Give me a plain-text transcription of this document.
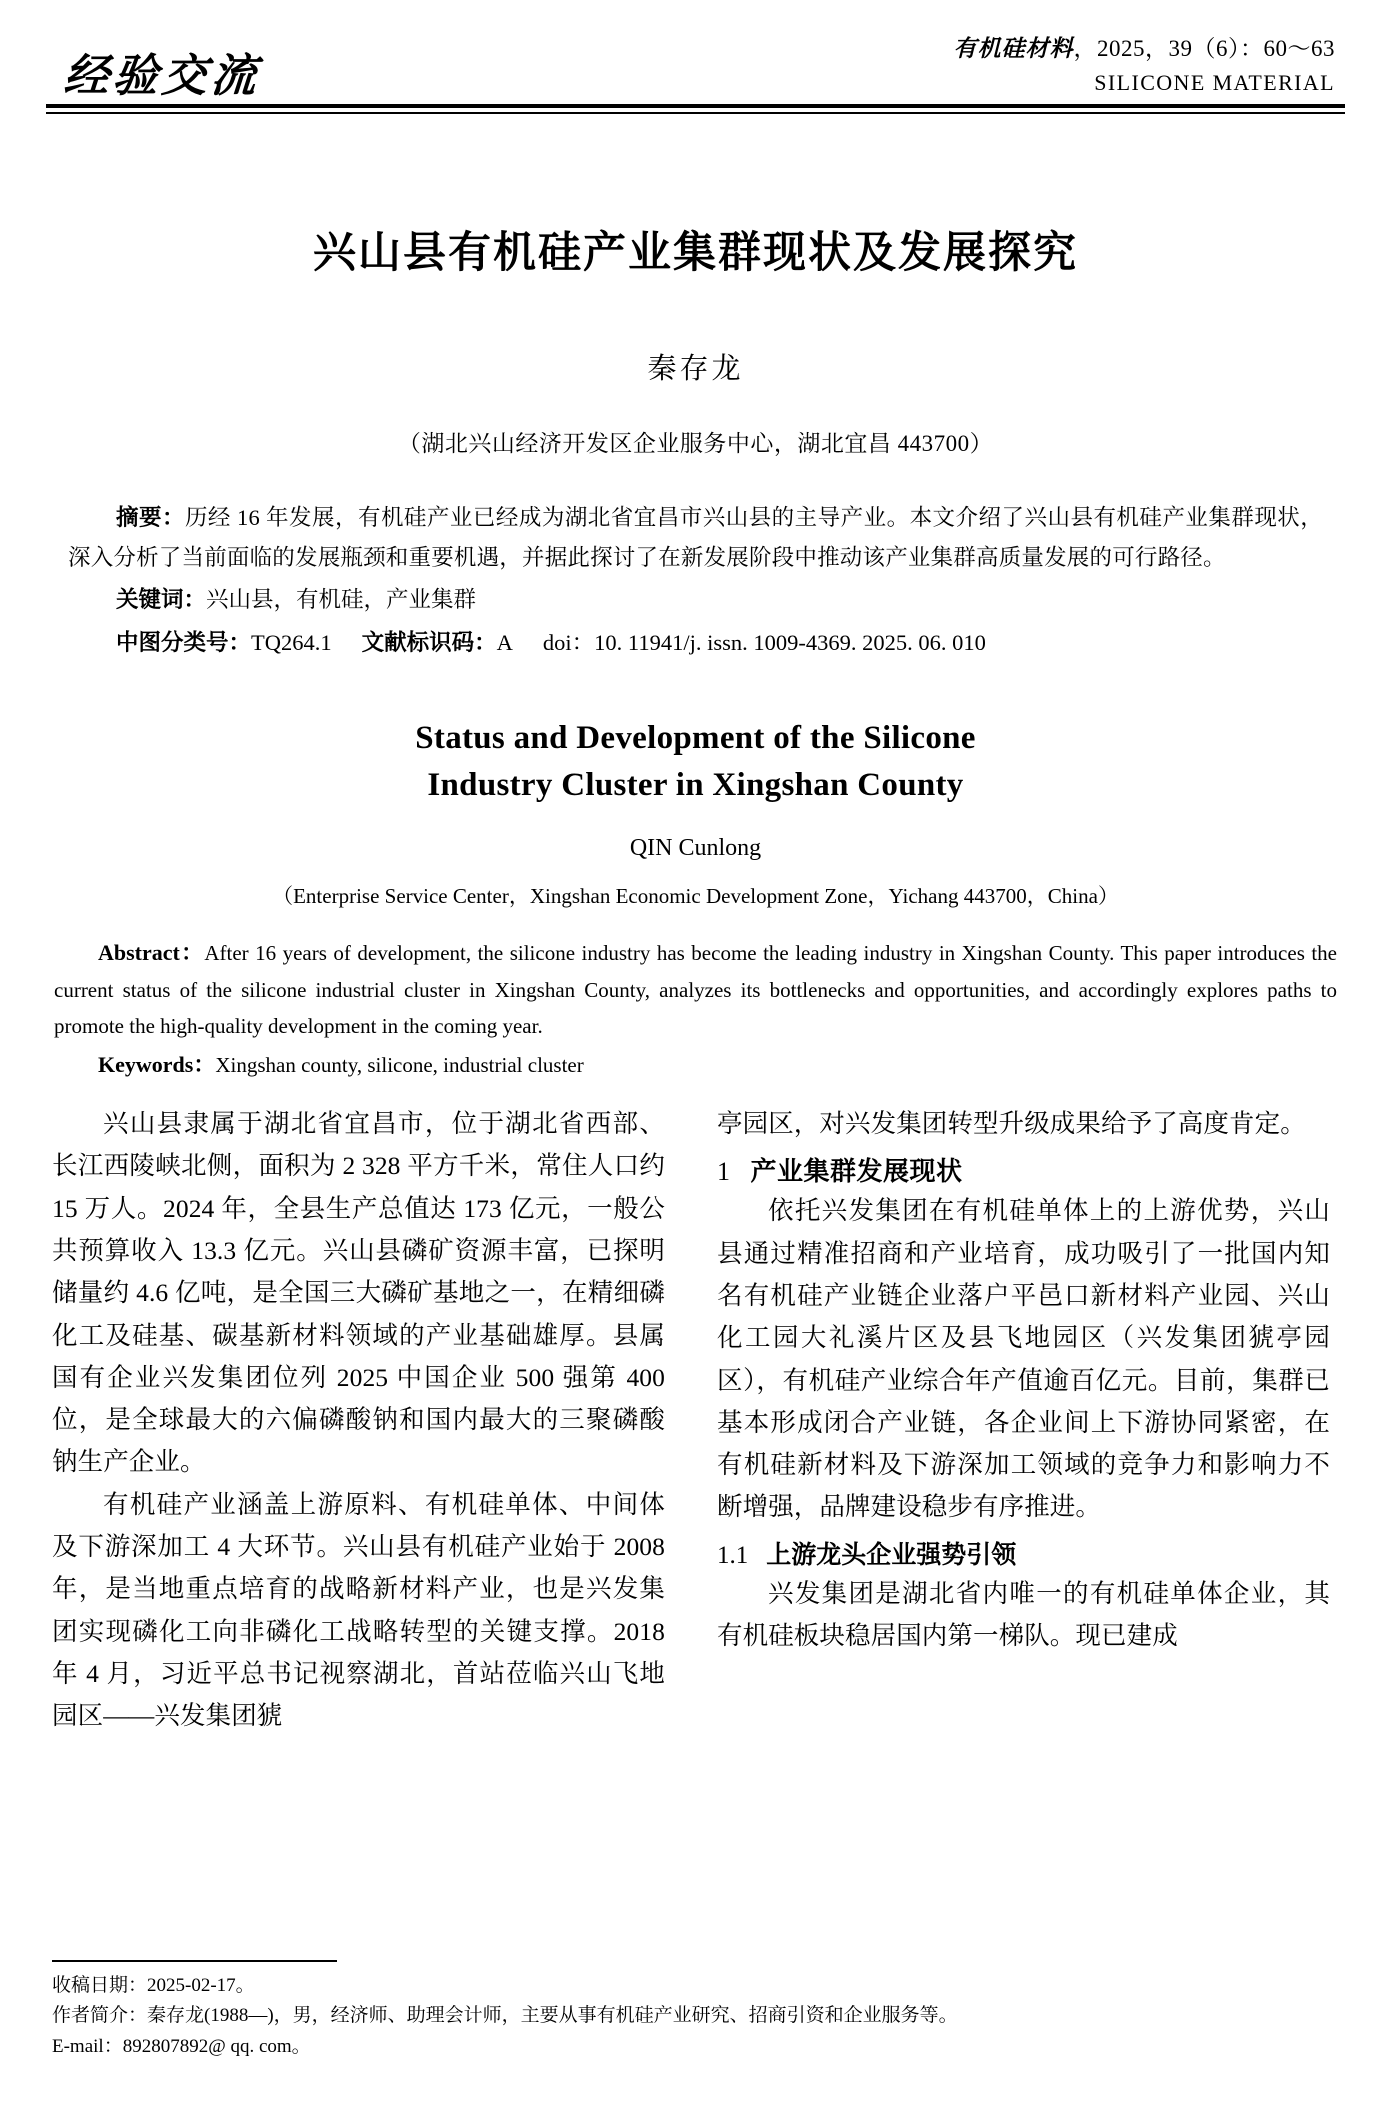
经验交流
有机硅材料，2025，39（6）：60～63
SILICONE MATERIAL
兴山县有机硅产业集群现状及发展探究
秦存龙
（湖北兴山经济开发区企业服务中心，湖北宜昌 443700）
摘要：历经 16 年发展，有机硅产业已经成为湖北省宜昌市兴山县的主导产业。本文介绍了兴山县有机硅产业集群现状，深入分析了当前面临的发展瓶颈和重要机遇，并据此探讨了在新发展阶段中推动该产业集群高质量发展的可行路径。
关键词：兴山县，有机硅，产业集群
中图分类号：TQ264.1 文献标识码：A doi：10. 11941/j. issn. 1009-4369. 2025. 06. 010
Status and Development of the Silicone
Industry Cluster in Xingshan County
QIN Cunlong
（Enterprise Service Center，Xingshan Economic Development Zone，Yichang 443700，China）
Abstract：After 16 years of development, the silicone industry has become the leading industry in Xingshan County. This paper introduces the current status of the silicone industrial cluster in Xingshan County, analyzes its bottlenecks and opportunities, and accordingly explores paths to promote the high-quality development in the coming year.
Keywords：Xingshan county, silicone, industrial cluster

兴山县隶属于湖北省宜昌市，位于湖北省西部、长江西陵峡北侧，面积为 2 328 平方千米，常住人口约 15 万人。2024 年，全县生产总值达 173 亿元，一般公共预算收入 13.3 亿元。兴山县磷矿资源丰富，已探明储量约 4.6 亿吨，是全国三大磷矿基地之一，在精细磷化工及硅基、碳基新材料领域的产业基础雄厚。县属国有企业兴发集团位列 2025 中国企业 500 强第 400 位，是全球最大的六偏磷酸钠和国内最大的三聚磷酸钠生产企业。

有机硅产业涵盖上游原料、有机硅单体、中间体及下游深加工 4 大环节。兴山县有机硅产业始于 2008 年，是当地重点培育的战略新材料产业，也是兴发集团实现磷化工向非磷化工战略转型的关键支撑。2018 年 4 月，习近平总书记视察湖北，首站莅临兴山飞地园区——兴发集团猇

亭园区，对兴发集团转型升级成果给予了高度肯定。

1 产业集群发展现状

依托兴发集团在有机硅单体上的上游优势，兴山县通过精准招商和产业培育，成功吸引了一批国内知名有机硅产业链企业落户平邑口新材料产业园、兴山化工园大礼溪片区及县飞地园区（兴发集团猇亭园区），有机硅产业综合年产值逾百亿元。目前，集群已基本形成闭合产业链，各企业间上下游协同紧密，在有机硅新材料及下游深加工领域的竞争力和影响力不断增强，品牌建设稳步有序推进。

1.1 上游龙头企业强势引领

兴发集团是湖北省内唯一的有机硅单体企业，其有机硅板块稳居国内第一梯队。现已建成

收稿日期：2025-02-17。
作者简介：秦存龙(1988—)，男，经济师、助理会计师，主要从事有机硅产业研究、招商引资和企业服务等。
E-mail：892807892@ qq. com。
